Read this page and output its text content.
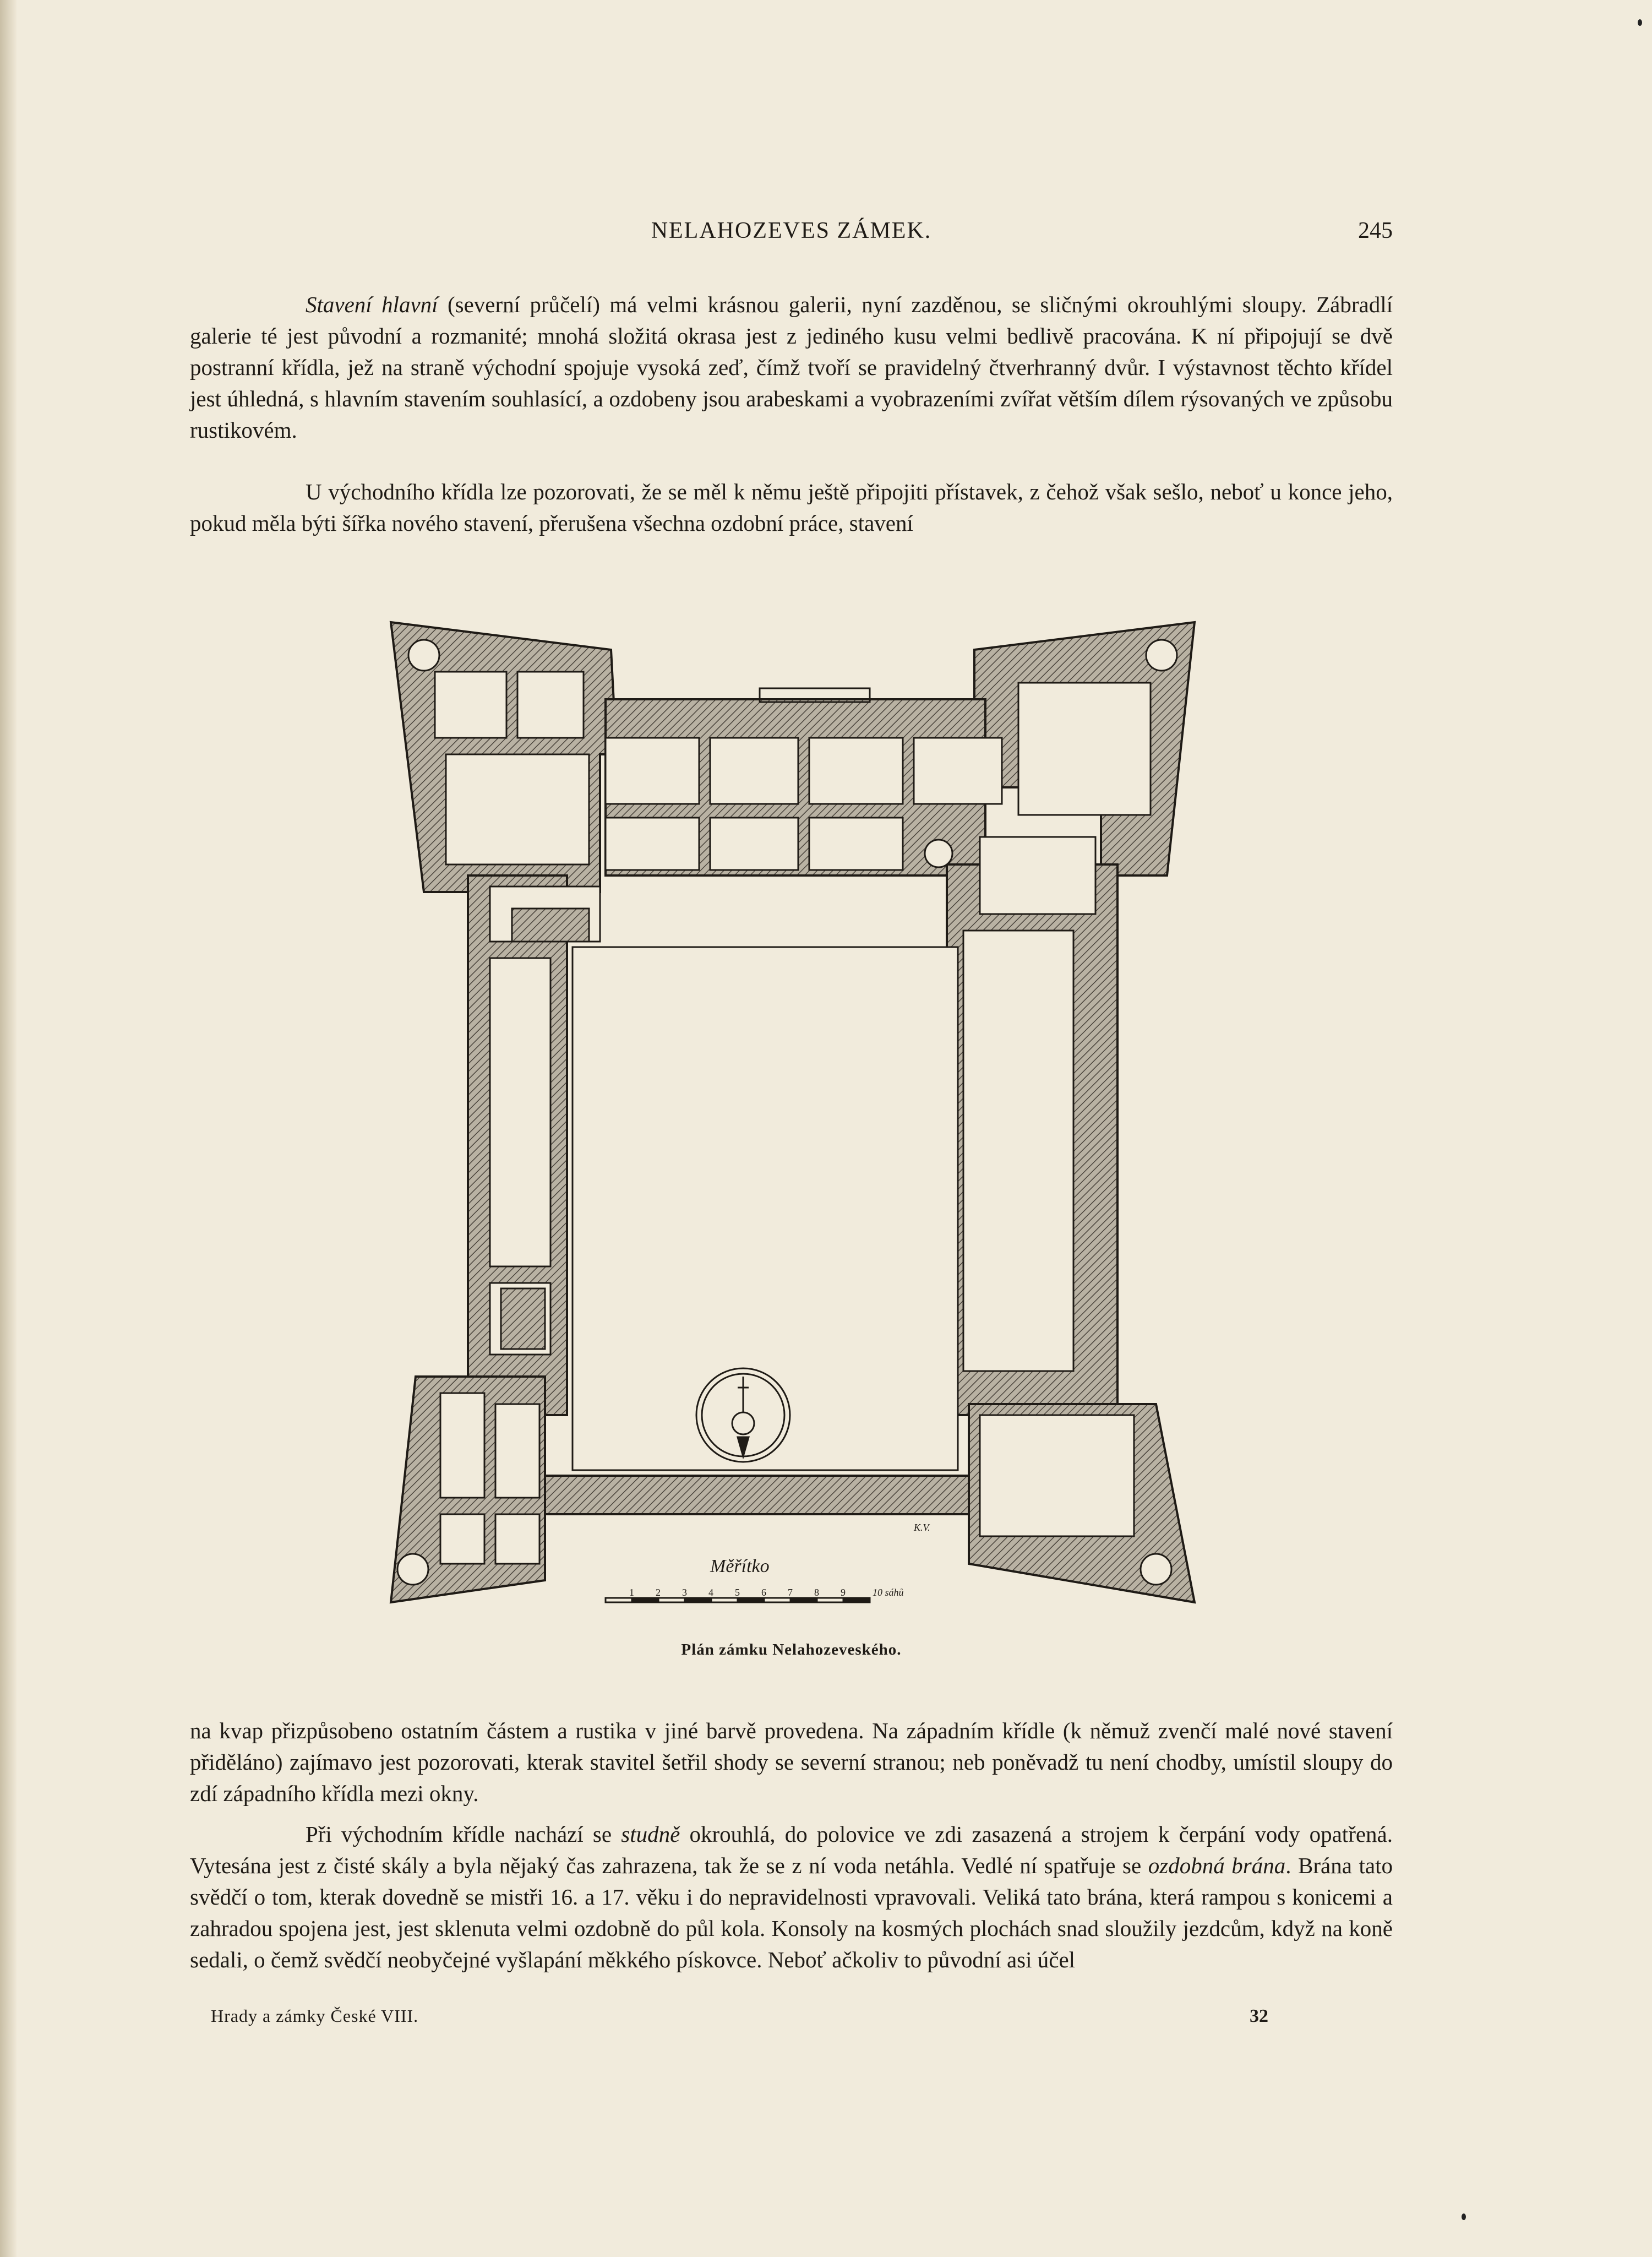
NELAHOZEVES ZÁMEK.	245
Stavení hlavní (severní průčelí) má velmi krásnou galerii, nyní zazděnou, se sličnými okrouhlými sloupy. Zábradlí galerie té jest původní a rozmanité; mnohá složitá okrasa jest z jediného kusu velmi bedlivě pracována. K ní připojují se dvě postranní křídla, jež na straně východní spojuje vysoká zeď, čímž tvoří se pravidelný čtverhranný dvůr. I výstavnost těchto křídel jest úhledná, s hlavním stavením souhlasící, a ozdobeny jsou arabeskami a vyobrazeními zvířat větším dílem rýsovaných ve způsobu rustikovém.
U východního křídla lze pozorovati, že se měl k němu ještě připojiti přístavek, z čehož však sešlo, neboť u konce jeho, pokud měla býti šířka nového stavení, přerušena všechna ozdobní práce, stavení
K.V.
Měřítko
1 2 3 4 5 6 7 8 9	10 sáhů
Plán zámku Nelahozeveského.
na kvap přizpůsobeno ostatním částem a rustika v jiné barvě provedena. Na západním křídle (k němuž zvenčí malé nové stavení přiděláno) zajímavo jest pozorovati, kterak stavitel šetřil shody se severní stranou; neb poněvadž tu není chodby, umístil sloupy do zdí západního křídla mezi okny.
Při východním křídle nachází se studně okrouhlá, do polovice ve zdi zasazená a strojem k čerpání vody opatřená. Vytesána jest z čisté skály a byla nějaký čas zahrazena, tak že se z ní voda netáhla. Vedlé ní spatřuje se ozdobná brána. Brána tato svědčí o tom, kterak dovedně se mistři 16. a 17. věku i do nepravidelnosti vpravovali. Veliká tato brána, která rampou s konicemi a zahradou spojena jest, jest sklenuta velmi ozdobně do půl kola. Konsoly na kosmých plochách snad sloužily jezdcům, když na koně sedali, o čemž svědčí neobyčejné vyšlapání měkkého pískovce. Neboť ačkoliv to původní asi účel
Hrady a zámky České VIII.	32
